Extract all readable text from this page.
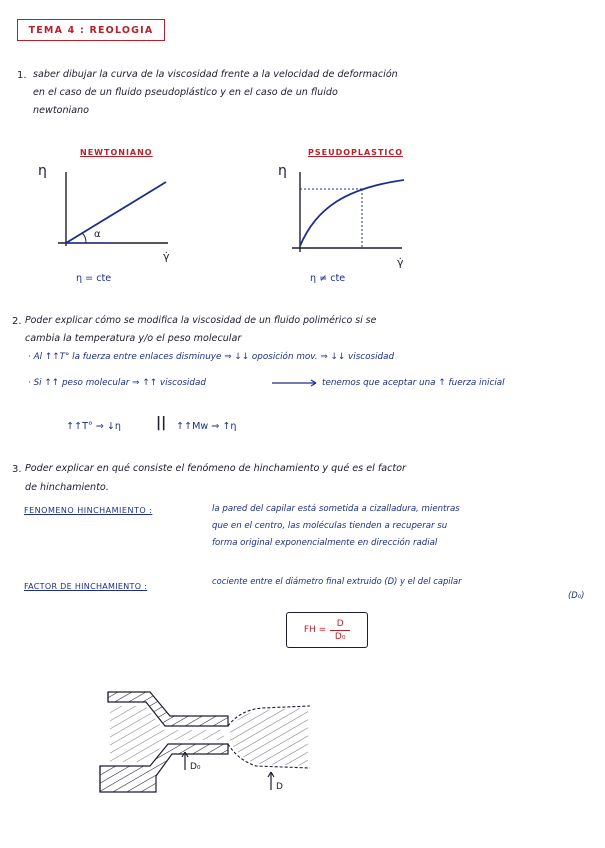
TEMA 4 : REOLOGIA
1. saber dibujar la curva de la viscosidad frente a la velocidad de deformación
en el caso de un fluido pseudoplástico y en el caso de un fluido
newtoniano
NEWTONIANO
η
α
γ̇
η = cte
PSEUDOPLASTICO
η
γ̇
η ≠ cte
2. Poder explicar cómo se modifica la viscosidad de un fluido polimérico si se
cambia la temperatura y/o el peso molecular
· Al ↑↑T° la fuerza entre enlaces disminuye ⇒ ↓↓ oposición mov. ⇒ ↓↓ viscosidad
· Si ↑↑ peso molecular ⇒ ↑↑ viscosidad	tenemos que aceptar una ↑ fuerza inicial
↑↑T° ⇒ ↓η	|| ↑↑Mw ⇒ ↑η
3. Poder explicar en qué consiste el fenómeno de hinchamiento y qué es el factor
de hinchamiento.
FENOMENO HINCHAMIENTO :	la pared del capilar está sometida a cizalladura, mientras
que en el centro, las moléculas tienden a recuperar su
forma original exponencialmente en dirección radial
FACTOR DE HINCHAMIENTO :
cociente entre el diámetro final extruido (D) y el del capilar
(D₀)
FH = $\frac{D}{\text{D₀}}$
D₀
D
